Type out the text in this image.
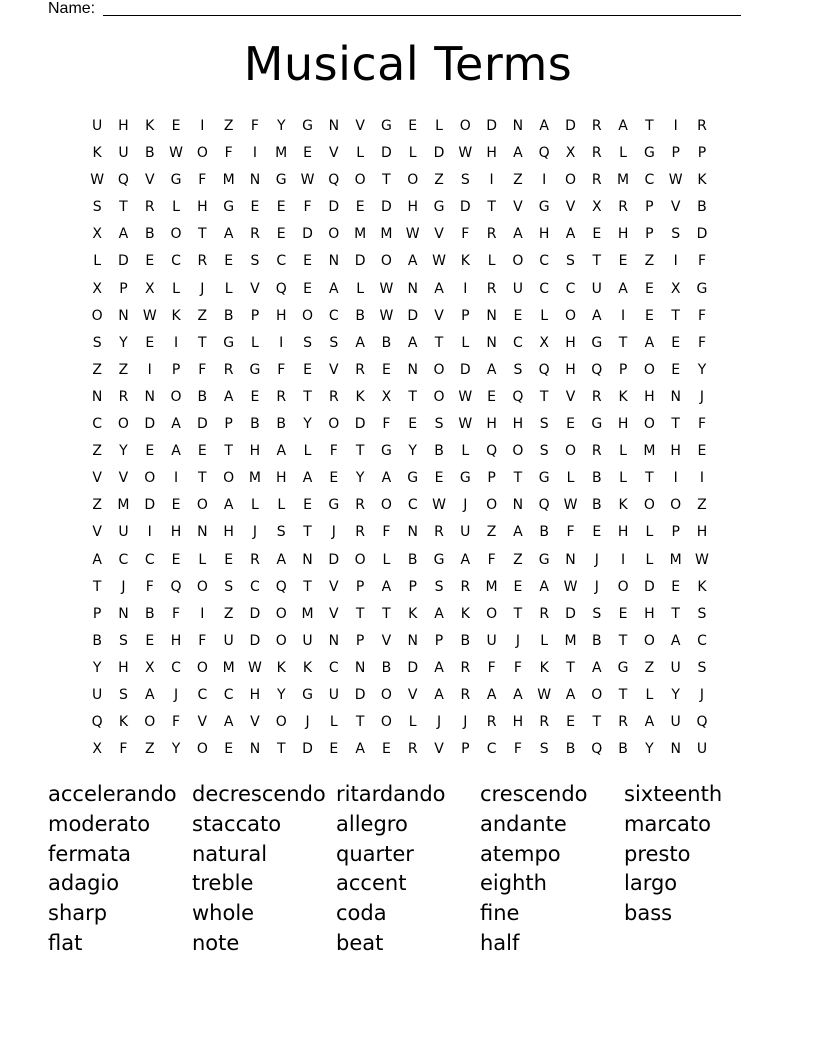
Name:
Musical Terms
U	H	K	E	I	Z	F	Y	G	N	V	G	E	L	O	D	N	A	D	R	A	T	I	R
K	U	B	W O	F	I	M	E	V	L	D	L	D W	H	A	Q	X	R	L	G	P	P
W Q	V	G	F	M	N	G W Q	O	T	O	Z	S	I	Z	I	O	R	M	C	W	K
S	T	R	L	H	G	E	E	F	D	E	D	H	G	D	T	V	G	V	X	R	P	V	B
X	A	B	O	T	A	R	E	D	O	M	M W	V	F	R	A	H	A	E	H	P	S	D
L	D	E	C	R	E	S	C	E	N	D	O	A	W	K	L	O	C	S	T	E	Z	I	F
X	P	X	L	J	L	V	Q	E	A	L	W	N	A	I	R	U	C	C	U	A	E	X	G
O	N	W	K	Z	B	P	H	O	C	B	W D	V	P	N	E	L	O	A	I	E	T	F
S	Y	E	I	T	G	L	I	S	S	A	B	A	T	L	N	C	X	H	G	T	A	E	F
Z	Z	I	P	F	R	G	F	E	V	R	E	N	O	D	A	S	Q	H	Q	P	O	E	Y
N	R	N	O	B	A	E	R	T	R	K	X	T	O W	E	Q	T	V	R	K	H	N	J
C	O	D	A	D	P	B	B	Y	O	D	F	E	S	W	H	H	S	E	G	H	O	T	F
Z	Y	E	A	E	T	H	A	L	F	T	G	Y	B	L	Q	O	S	O	R	L	M	H	E
V	V	O	I	T	O	M	H	A	E	Y	A	G	E	G	P	T	G	L	B	L	T	I	I
Z	M	D	E	O	A	L	L	E	G	R	O	C	W	J	O	N	Q W	B	K	O	O	Z
V	U	I	H	N	H	J	S	T	J	R	F	N	R	U	Z	A	B	F	E	H	L	P	H
A	C	C	E	L	E	R	A	N	D	O	L	B	G	A	F	Z	G	N	J	I	L	M W
T	J	F	Q	O	S	C	Q	T	V	P	A	P	S	R	M	E	A	W	J	O	D	E	K
P	N	B	F	I	Z	D	O	M	V	T	T	K	A	K	O	T	R	D	S	E	H	T	S
B	S	E	H	F	U	D	O	U	N	P	V	N	P	B	U	J	L	M	B	T	O	A	C
Y	H	X	C	O	M W	K	K	C	N	B	D	A	R	F	F	K	T	A	G	Z	U	S
U	S	A	J	C	C	H	Y	G	U	D	O	V	A	R	A	A	W	A	O	T	L	Y	J
Q	K	O	F	V	A	V	O	J	L	T	O	L	J	J	R	H	R	E	T	R	A	U	Q
X	F	Z	Y	O	E	N	T	D	E	A	E	R	V	P	C	F	S	B	Q	B	Y	N	U
accelerando decrescendo ritardando	crescendo	sixteenth
moderato	staccato	allegro	andante	marcato
fermata	natural	quarter	atempo	presto
adagio	treble	accent	eighth	largo
sharp	whole	coda	fine	bass
flat	note	beat	half
